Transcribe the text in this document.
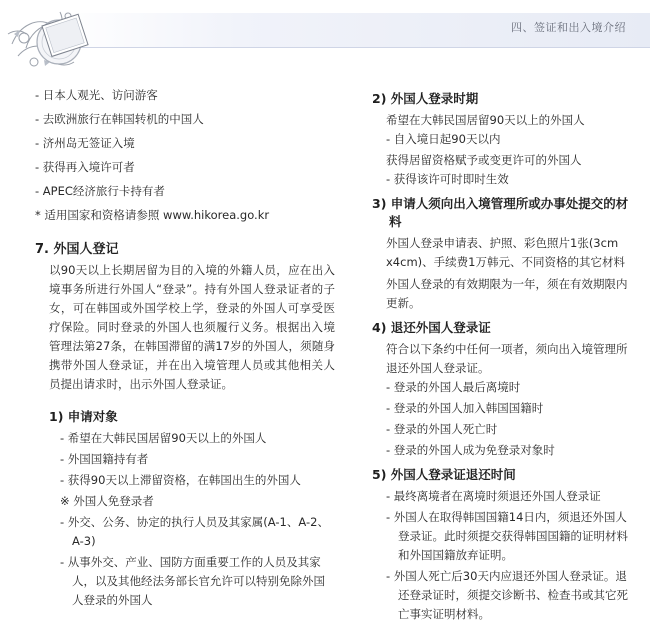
四、签证和出入境介绍
- 日本人观光、访问游客
- 去欧洲旅行在韩国转机的中国人
- 济州岛无签证入境
- 获得再入境许可者
- APEC经济旅行卡持有者
* 适用国家和资格请参照 www.hikorea.go.kr
7. 外国人登记
以90天以上长期居留为目的入境的外籍人员，应在出入境事务所进行外国人“登录”。持有外国人登录证者的子女，可在韩国或外国学校上学，登录的外国人可享受医疗保险。同时登录的外国人也须履行义务。根据出入境管理法第27条，在韩国滞留的满17岁的外国人，须随身携带外国人登录证，并在出入境管理人员或其他相关人员提出请求时，出示外国人登录证。
1) 申请对象
- 希望在大韩民国居留90天以上的外国人
- 外国国籍持有者
- 获得90天以上滞留资格，在韩国出生的外国人
※ 外国人免登录者
- 外交、公务、协定的执行人员及其家属(A-1、A-2、A-3)
- 从事外交、产业、国防方面重要工作的人员及其家人，以及其他经法务部长官允许可以特别免除外国人登录的外国人
2) 外国人登录时期
希望在大韩民国居留90天以上的外国人
- 自入境日起90天以内
获得居留资格赋予或变更许可的外国人
- 获得该许可时即时生效
3) 申请人须向出入境管理所或办事处提交的材料
外国人登录申请表、护照、彩色照片1张(3cm x4cm)、手续费1万韩元、不同资格的其它材料
外国人登录的有效期限为一年，须在有效期限内更新。
4) 退还外国人登录证
符合以下条约中任何一项者，须向出入境管理所退还外国人登录证。
- 登录的外国人最后离境时
- 登录的外国人加入韩国国籍时
- 登录的外国人死亡时
- 登录的外国人成为免登录对象时
5) 外国人登录证退还时间
- 最终离境者在离境时须退还外国人登录证
- 外国人在取得韩国国籍14日内，须退还外国人登录证。此时须提交获得韩国国籍的证明材料和外国国籍放弃证明。
- 外国人死亡后30天内应退还外国人登录证。退还登录证时，须提交诊断书、检查书或其它死亡事实证明材料。
